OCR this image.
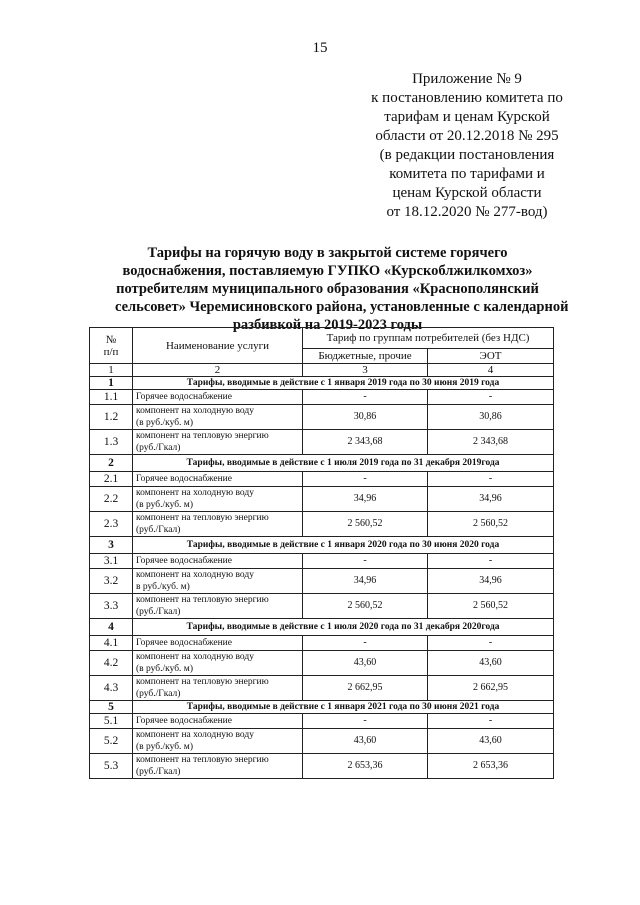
15
Приложение № 9
к постановлению комитета по
тарифам и ценам Курской
области от 20.12.2018 № 295
(в редакции постановления
комитета по тарифами и
ценам Курской области
от 18.12.2020 № 277-вод)
Тарифы на горячую воду в закрытой системе горячего
водоснабжения, поставляемую ГУПКО «Курскоблжилкомхоз»
потребителям муниципального образования «Краснополянский
сельсовет» Черемисиновского района, установленные с календарной
разбивкой на 2019-2023 годы
№
п/п	Наименование услуги	Тариф по группам потребителей (без НДС)	
		Бюджетные, прочие	ЭОТ
1	2	3	4
1	Тарифы, вводимые в действие с 1 января 2019 года по 30 июня 2019 года		
1.1	Горячее водоснабжение	-	-
1.2	компонент на холодную воду
(в руб./куб. м)	30,86	30,86
1.3	компонент на тепловую энергию
(руб./Гкал)	2 343,68	2 343,68
2	Тарифы, вводимые в действие с 1 июля 2019 года по 31 декабря 2019года		
2.1	Горячее водоснабжение	-	-
2.2	компонент на холодную воду
(в руб./куб. м)	34,96	34,96
2.3	компонент на тепловую энергию
(руб./Гкал)	2 560,52	2 560,52
3	Тарифы, вводимые в действие с 1 января 2020 года по 30 июня 2020 года		
3.1	Горячее водоснабжение	-	-
3.2	компонент на холодную воду
в руб./куб. м)	34,96	34,96
3.3	компонент на тепловую энергию
(руб./Гкал)	2 560,52	2 560,52
4	Тарифы, вводимые в действие с 1 июля 2020 года по 31 декабря 2020года		
4.1	Горячее водоснабжение	-	-
4.2	компонент на холодную воду
(в руб./куб. м)	43,60	43,60
4.3	компонент на тепловую энергию
(руб./Гкал)	2 662,95	2 662,95
5	Тарифы, вводимые в действие с 1 января 2021 года по 30 июня 2021 года		
5.1	Горячее водоснабжение	-	-
5.2	компонент на холодную воду
(в руб./куб. м)	43,60	43,60
5.3	компонент на тепловую энергию
(руб./Гкал)	2 653,36	2 653,36
